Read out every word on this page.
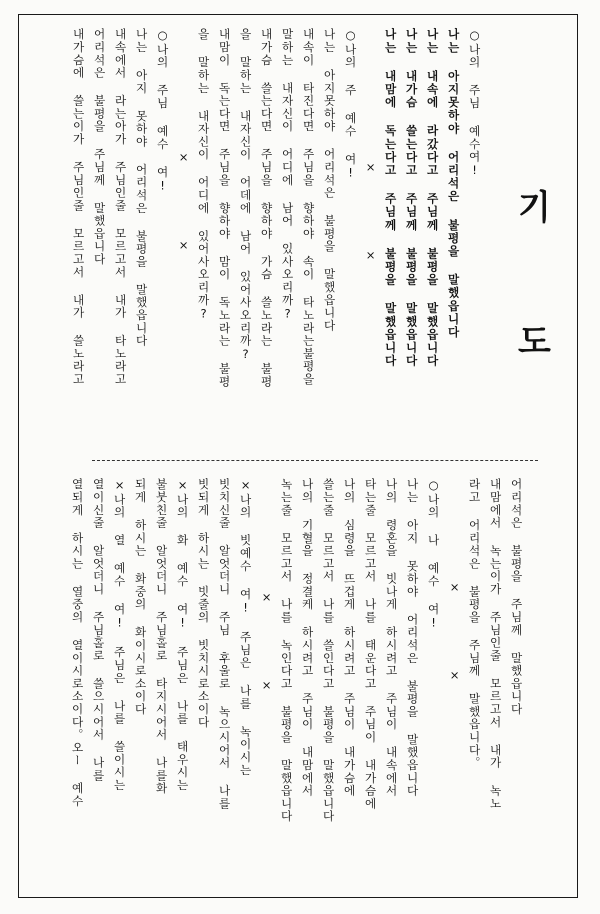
기
도
○나의 주님 예수여!
나는 아지못하야 어리석은 불평을 말했읍니다
나는 내속에 라갔다고 주님께 불평을 말했읍니다
나는 내가슴 쓸는다고 주님께 불평을 말했읍니다
나는 내맘에 독는다고 주님께 불평을 말했읍니다
× ×
○나의 주 예수 여!
나는 아지못하야 어리석은 불평을 말했읍니다
내속이 타진다면 주님을 향하야 속이 타노라는불평을
말하는 내자신이 어디에 남어 있사오리까?
내가슴 쓸는다면 주님을 향하야 가슴 쓸노라는 불평
을 말하는 내자신이 어데에 남어 있어사오리까?
내맘이 독는다면 주님을 향하야 맘이 독노라는 불평
을 말하는 내자신이 어디에 있어사오리까?
× ×
○나의 주님 예수 여!
나는 아지 못하야 어리석은 불평을 말했읍니다
내속에서 라는아가 주님인줄 모르고서 내가 타노라고
어리석은 불평을 주님께 말했읍니다
내가슴에 쓸는이가 주님인줄 모르고서 내가 쓸노라고
어리석은 불평을 주님께 말했읍니다
내맘에서 녹는이가 주님인줄 모르고서 내가 녹노
라고 어리석은 불평을 주님께 말했읍니다。
× ×
○나의 나 예수 여!
나는 아지 못하야 어리석은 불평을 말했읍니다
나의 령혼을 빗나게 하시려고 주님이 내속에서
타는줄 모르고서 나를 태운다고 주님이 내가슴에
나의 심령을 뜨겁게 하시려고 주님이 내가슴에
쓸는줄 모르고서 나를 쓸인다고 불평을 말했읍니다
나의 기혈을 정결케 하시려고 주님이 내맘에서
녹는줄 모르고서 나를 녹인다고 불평을 말했읍니다
× ×
×나의 빗예수 여! 주님은 나를 녹이시는
빗치신줄 알엇더니 주님 후울로 녹으시어서 나를
빗되게 하시는 빗줄의 빗치시로소이다
×나의 화 예수 여! 주님은 나를 태우시는
불붓친줄 알엇더니 주님홀로 타지시어서 나를화
되게 하시는 화중의 화이시로소이다
×나의 열 예수 여! 주님은 나를 쓸이시는
열이신줄 알엇더니 주님홀로 쓸으시어서 나를
열되게 하시는 열중의 열이시로소이다。오ー 예수
